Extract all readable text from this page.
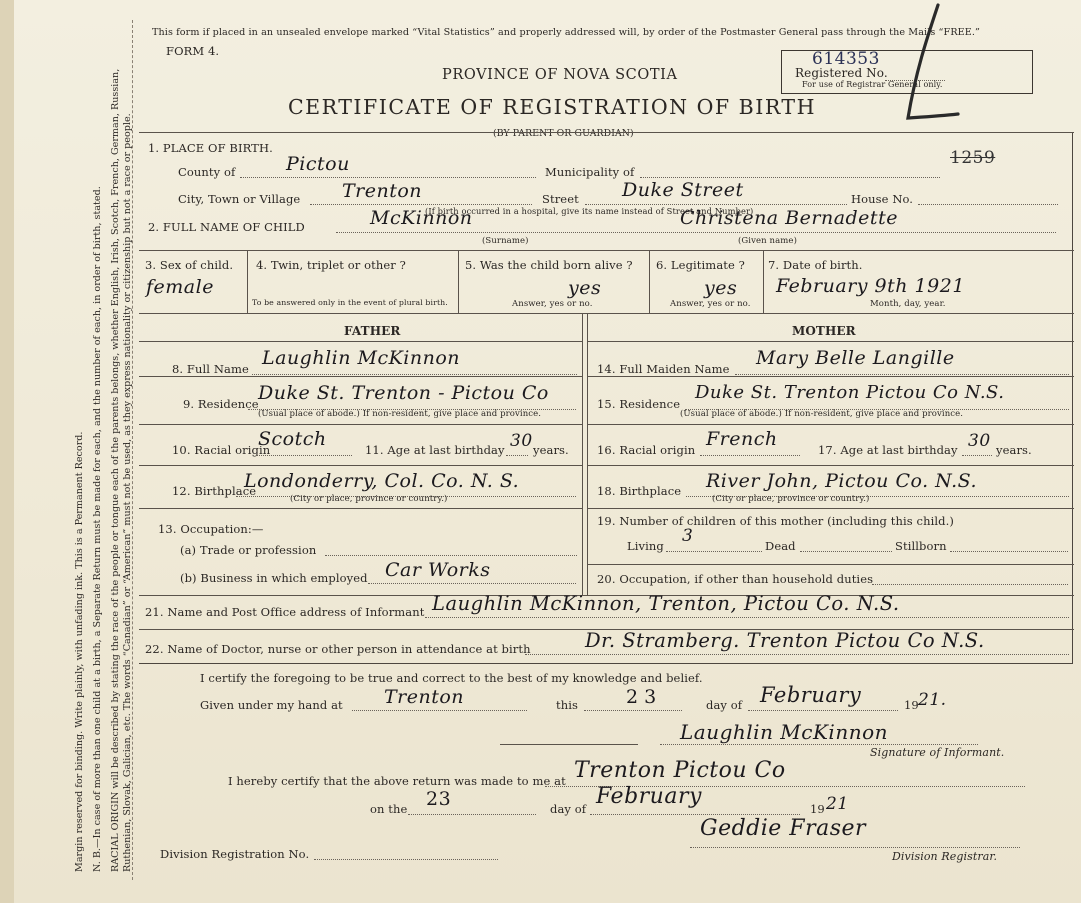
RACIAL ORIGIN will be described by stating the race of the people or tongue each of the parents belongs, whether English, Irish, Scotch, French, German, Russian, Ruthenian, Slovak, Galician, etc. The words “Canadian” or “American” must not be used, as they express nationality or citizenship but not a race or people.
N. B.—In case of more than one child at a birth, a Separate Return must be made for each, and the number of each, in order of birth, stated.
Margin reserved for binding. Write plainly, with unfading ink. This is a Permanent Record.
This form if placed in an unsealed envelope marked “Vital Statistics” and properly addressed will, by order of the Postmaster General pass through the Mails “FREE.”
FORM 4.
PROVINCE OF NOVA SCOTIA
CERTIFICATE OF REGISTRATION OF BIRTH
(BY PARENT OR GUARDIAN)
614353
Registered No.
For use of Registrar General only.
1259
1. PLACE OF BIRTH.
County of	Pictou	Municipality of
City, Town or Village Trenton	Street Duke Street	House No.
(If birth occurred in a hospital, give its name instead of Street and Number)
2. FULL NAME OF CHILD	McKinnon	Christena Bernadette
(Surname)	(Given name)
3. Sex of child.
female
4. Twin, triplet or other ?
To be answered only in the event of plural birth.
5. Was the child born alive ?
yes
Answer, yes or no.
6. Legitimate ?
yes
Answer, yes or no.
7. Date of birth.
February 9th 1921
Month, day, year.
FATHER
8. Full Name Laughlin McKinnon
9. Residence Duke St. Trenton - Pictou Co
(Usual place of abode.) If non-resident, give place and province.
10. Racial origin
Scotch	11. Age at last birthday 30 years.
12. Birthplace
Londonderry, Col. Co. N. S.
(City or place, province or country.)
13. Occupation:—
(a) Trade or profession
(b) Business in which employed Car Works
MOTHER
14. Full Maiden Name Mary Belle Langille
15. Residence
Duke St. Trenton Pictou Co N.S.
(Usual place of abode.) If non-resident, give place and province.
16. Racial origin French	17. Age at last birthday 30 years.
18. Birthplace River John, Pictou Co. N.S.
(City or place, province or country.)
19. Number of children of this mother (including this child.)
Living 3	Dead	Stillborn
20. Occupation, if other than household duties
21. Name and Post Office address of Informant Laughlin McKinnon, Trenton, Pictou Co. N.S.
22. Name of Doctor, nurse or other person in attendance at birth	Dr. Stramberg. Trenton Pictou Co N.S.
I certify the foregoing to be true and correct to the best of my knowledge and belief.
Given under my hand at Trenton	this	23	day of February	19 21.
Laughlin McKinnon
Signature of Informant.
I hereby certify that the above return was made to me at Trenton Pictou Co
on the 23	day of February	19 21
Division Registration No.
Geddie Fraser
Division Registrar.
